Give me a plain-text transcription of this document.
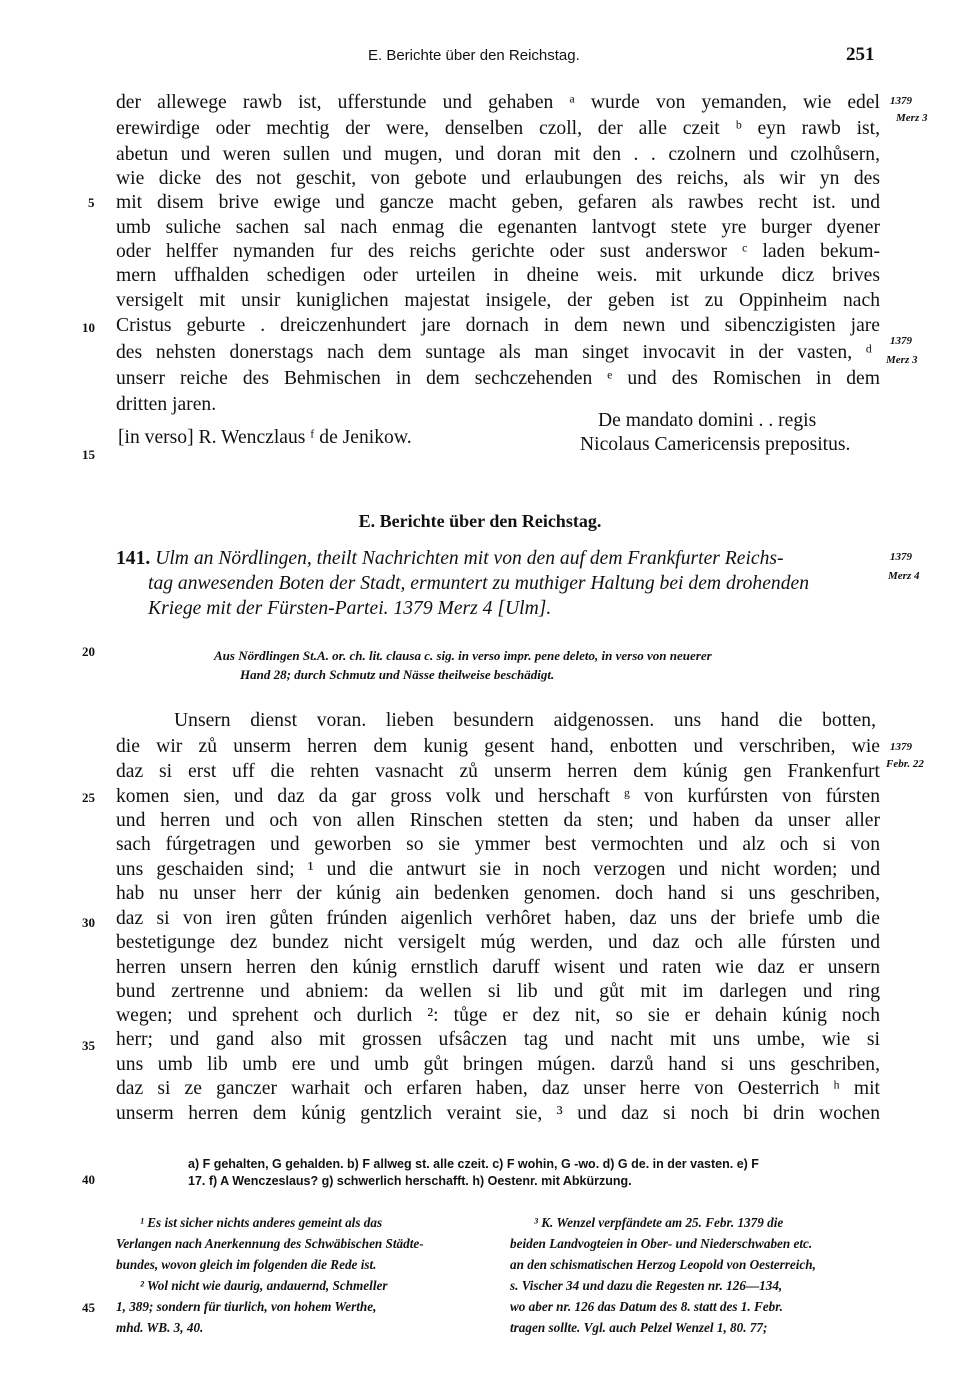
E. Berichte über den Reichstag.	251
der allewege rawb ist, ufferstunde und gehaben ᵃ wurde von yemanden, wie edel
erewirdige oder mechtig der were, denselben czoll, der alle czeit ᵇ eyn rawb ist,
abetun und weren sullen und mugen, und doran mit den . . czolnern und czolhůsern,
wie dicke des not geschit, von gebote und erlaubungen des reichs, als wir yn des
mit disem brive ewige und gancze macht geben, gefaren als rawbes recht ist. und
umb suliche sachen sal nach enmag die egenanten lantvogt stete yre burger dyener
oder helffer nymanden fur des reichs gerichte oder sust anderswor ᶜ laden bekum-
mern uffhalden schedigen oder urteilen in dheine weis. mit urkunde dicz brives
versigelt mit unsir kuniglichen majestat insigele, der geben ist zu Oppinheim nach
Cristus geburte . dreiczenhundert jare dornach in dem newn und sibenczigisten jare
des nehsten donerstags nach dem suntage als man singet invocavit in der vasten, ᵈ
unserr reiche des Behmischen in dem sechczehenden ᵉ und des Romischen in dem
dritten jaren.
[in verso] R. Wenczlaus ᶠ de Jenikow.
De mandato domini . . regis
Nicolaus Camericensis prepositus.
1379
Merz 3
1379
Merz 3
1379
Merz 4
1379
Febr. 22
5
10
15
20
25
30
35
40
45
E. Berichte über den Reichstag.
141. Ulm an Nördlingen, theilt Nachrichten mit von den auf dem Frankfurter Reichs-
tag anwesenden Boten der Stadt, ermuntert zu muthiger Haltung bei dem drohenden
Kriege mit der Fürsten-Partei. 1379 Merz 4 [Ulm].
Aus Nördlingen St.A. or. ch. lit. clausa c. sig. in verso impr. pene deleto, in verso von neuerer
Hand 28; durch Schmutz und Nässe theilweise beschädigt.
Unsern dienst voran. lieben besundern aidgenossen. uns hand die botten,
die wir zů unserm herren dem kunig gesent hand, enbotten und verschriben, wie
daz si erst uff die rehten vasnacht zů unserm herren dem kúnig gen Frankenfurt
komen sien, und daz da gar gross volk und herschaft ᵍ von kurfúrsten von fúrsten
und herren und och von allen Rinschen stetten da sten; und haben da unser aller
sach fúrgetragen und geworben so sie ymmer best vermochten und alz och si von
uns geschaiden sind; ¹ und die antwurt sie in noch verzogen und nicht worden; und
hab nu unser herr der kúnig ain bedenken genomen. doch hand si uns geschriben,
daz si von iren gůten frúnden aigenlich verhôret haben, daz uns der briefe umb die
bestetigunge dez bundez nicht versigelt múg werden, und daz och alle fúrsten und
herren unsern herren den kúnig ernstlich daruff wisent und raten wie daz er unsern
bund zertrenne und abniem: da wellen si lib und gůt mit im darlegen und ring
wegen; und sprehent och durlich ²: tůge er dez nit, so sie er dehain kúnig noch
herr; und gand also mit grossen ufsâczen tag und nacht mit uns umbe, wie si
uns umb lib umb ere und umb gůt bringen múgen. darzů hand si uns geschriben,
daz si ze ganczer warhait och erfaren haben, daz unser herre von Oesterrich ʰ mit
unserm herren dem kúnig gentzlich verаint sie, ³ und daz si noch bi drin wochen
a) F gehalten, G gehalden. b) F allweg st. alle czeit. c) F wohin, G -wo. d) G de. in der vasten. e) F
17. f) A Wenczeslaus? g) schwerlich herschafft. h) Oestenr. mit Abkürzung.
¹ Es ist sicher nichts anderes gemeint als das
Verlangen nach Anerkennung des Schwäbischen Städte-
bundes, wovon gleich im folgenden die Rede ist.
² Wol nicht wie daurig, andauernd, Schmeller
1, 389; sondern für tiurlich, von hohem Werthe,
mhd. WB. 3, 40.
³ K. Wenzel verpfändete am 25. Febr. 1379 die
beiden Landvogteien in Ober- und Niederschwaben etc.
an den schismatischen Herzog Leopold von Oesterreich,
s. Vischer 34 und dazu die Regesten nr. 126—134,
wo aber nr. 126 das Datum des 8. statt des 1. Febr.
tragen sollte. Vgl. auch Pelzel Wenzel 1, 80. 77;
